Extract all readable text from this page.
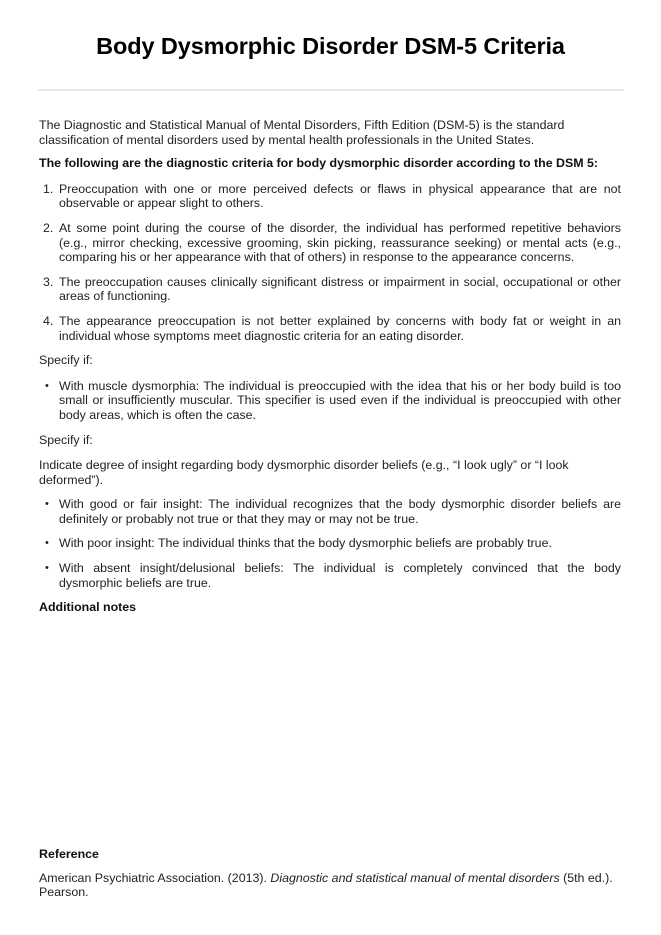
Body Dysmorphic Disorder DSM-5 Criteria

The Diagnostic and Statistical Manual of Mental Disorders, Fifth Edition (DSM-5) is the standard classification of mental disorders used by mental health professionals in the United States.

The following are the diagnostic criteria for body dysmorphic disorder according to the DSM 5:

1. Preoccupation with one or more perceived defects or flaws in physical appearance that are not observable or appear slight to others.
2. At some point during the course of the disorder, the individual has performed repetitive behaviors (e.g., mirror checking, excessive grooming, skin picking, reassurance seeking) or mental acts (e.g., comparing his or her appearance with that of others) in response to the appearance concerns.
3. The preoccupation causes clinically significant distress or impairment in social, occupational or other areas of functioning.
4. The appearance preoccupation is not better explained by concerns with body fat or weight in an individual whose symptoms meet diagnostic criteria for an eating disorder.

Specify if:

• With muscle dysmorphia: The individual is preoccupied with the idea that his or her body build is too small or insufficiently muscular. This specifier is used even if the individual is preoccupied with other body areas, which is often the case.

Specify if:

Indicate degree of insight regarding body dysmorphic disorder beliefs (e.g., “I look ugly” or “I look deformed”).

• With good or fair insight: The individual recognizes that the body dysmorphic disorder beliefs are definitely or probably not true or that they may or may not be true.
• With poor insight: The individual thinks that the body dysmorphic beliefs are probably true.
• With absent insight/delusional beliefs: The individual is completely convinced that the body dysmorphic beliefs are true.

Additional notes

Reference

American Psychiatric Association. (2013). Diagnostic and statistical manual of mental disorders (5th ed.). Pearson.
